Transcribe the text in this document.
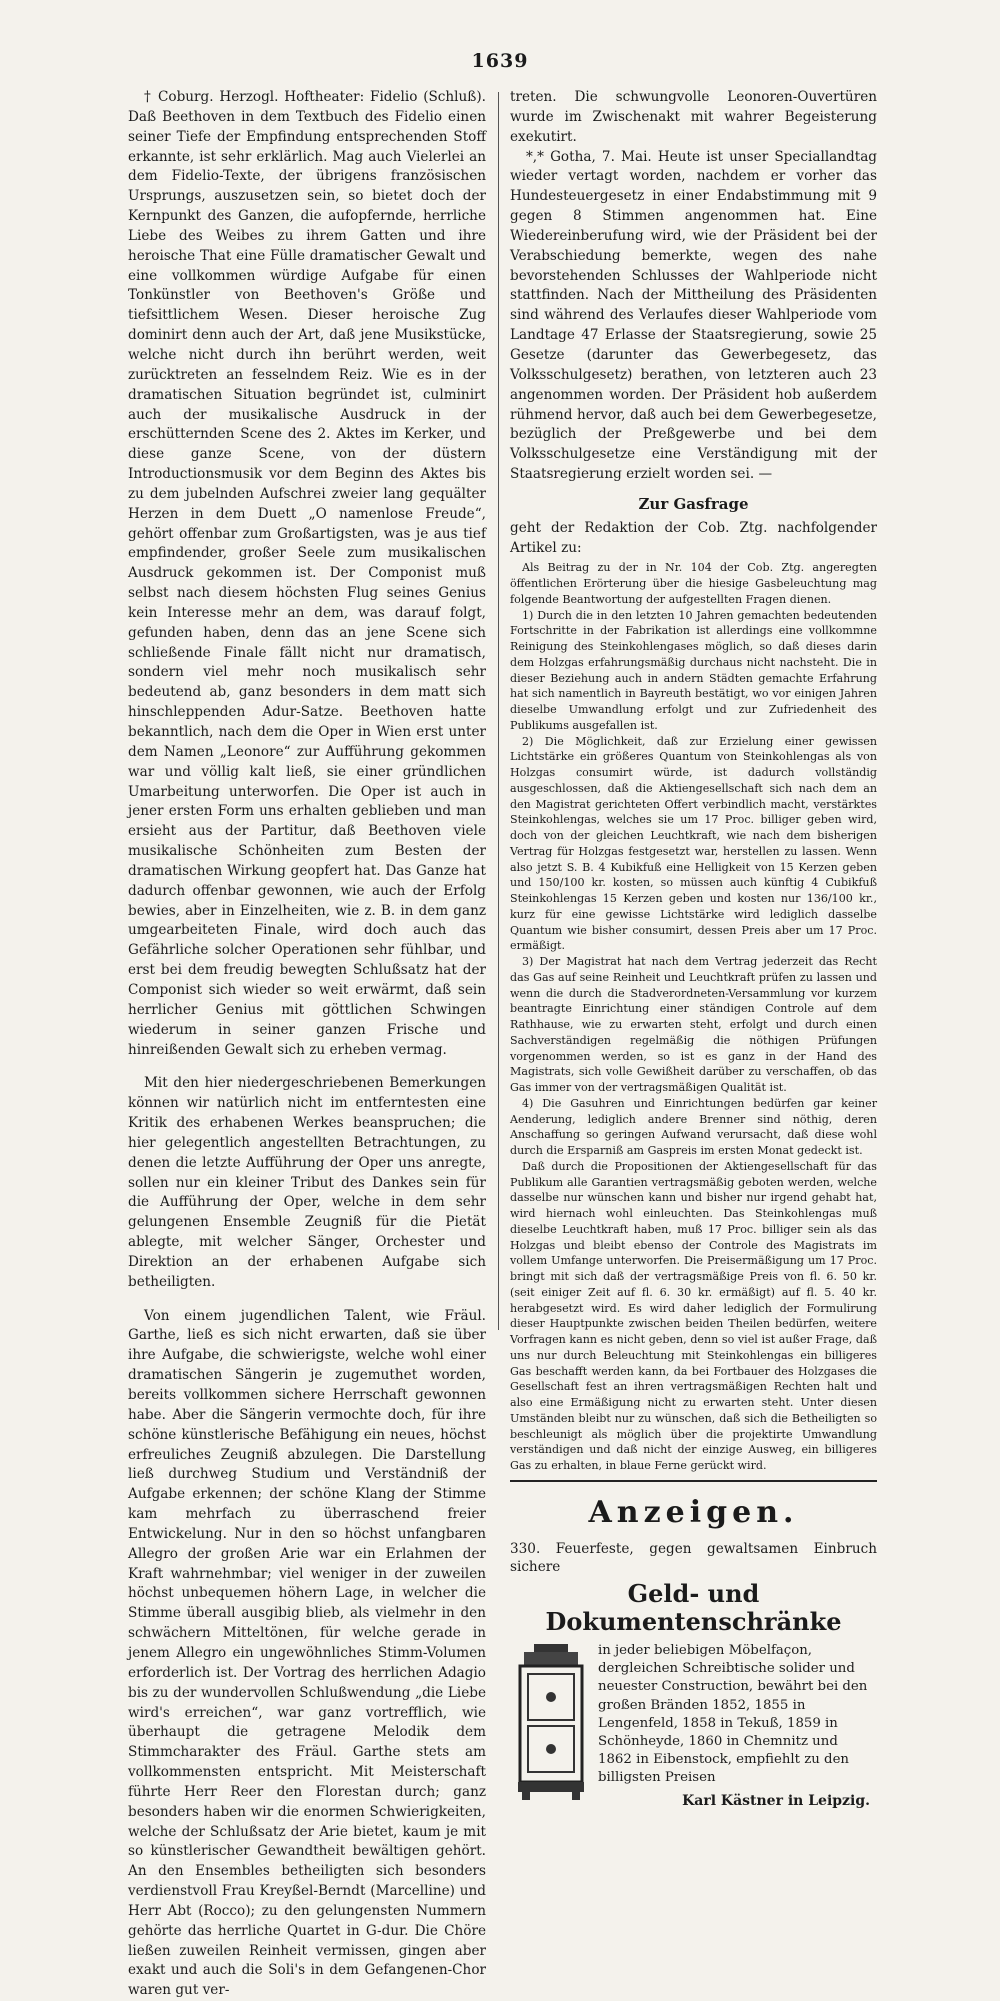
1639

† Coburg. Herzogl. Hoftheater: Fidelio (Schluß). Daß Beethoven in dem Textbuch des Fidelio einen seiner Tiefe der Empfindung entsprechenden Stoff erkannte, ist sehr erklärlich. Mag auch Vielerlei an dem Fidelio-Texte, der übrigens französischen Ursprungs, auszusetzen sein, so bietet doch der Kernpunkt des Ganzen, die aufopfernde, herrliche Liebe des Weibes zu ihrem Gatten und ihre heroische That eine Fülle dramatischer Gewalt und eine vollkommen würdige Aufgabe für einen Tonkünstler von Beethoven's Größe und tiefsittlichem Wesen. Dieser heroische Zug dominirt denn auch der Art, daß jene Musikstücke, welche nicht durch ihn berührt werden, weit zurücktreten an fesselndem Reiz. Wie es in der dramatischen Situation begründet ist, culminirt auch der musikalische Ausdruck in der erschütternden Scene des 2. Aktes im Kerker, und diese ganze Scene, von der düstern Introductionsmusik vor dem Beginn des Aktes bis zu dem jubelnden Aufschrei zweier lang gequälter Herzen in dem Duett „O namenlose Freude“, gehört offenbar zum Großartigsten, was je aus tief empfindender, großer Seele zum musikalischen Ausdruck gekommen ist. Der Componist muß selbst nach diesem höchsten Flug seines Genius kein Interesse mehr an dem, was darauf folgt, gefunden haben, denn das an jene Scene sich schließende Finale fällt nicht nur dramatisch, sondern viel mehr noch musikalisch sehr bedeutend ab, ganz besonders in dem matt sich hinschleppenden Adur-Satze. Beethoven hatte bekanntlich, nach dem die Oper in Wien erst unter dem Namen „Leonore“ zur Aufführung gekommen war und völlig kalt ließ, sie einer gründlichen Umarbeitung unterworfen. Die Oper ist auch in jener ersten Form uns erhalten geblieben und man ersieht aus der Partitur, daß Beethoven viele musikalische Schönheiten zum Besten der dramatischen Wirkung geopfert hat. Das Ganze hat dadurch offenbar gewonnen, wie auch der Erfolg bewies, aber in Einzelheiten, wie z. B. in dem ganz umgearbeiteten Finale, wird doch auch das Gefährliche solcher Operationen sehr fühlbar, und erst bei dem freudig bewegten Schlußsatz hat der Componist sich wieder so weit erwärmt, daß sein herrlicher Genius mit göttlichen Schwingen wiederum in seiner ganzen Frische und hinreißenden Gewalt sich zu erheben vermag.

Mit den hier niedergeschriebenen Bemerkungen können wir natürlich nicht im entferntesten eine Kritik des erhabenen Werkes beanspruchen; die hier gelegentlich angestellten Betrachtungen, zu denen die letzte Aufführung der Oper uns anregte, sollen nur ein kleiner Tribut des Dankes sein für die Aufführung der Oper, welche in dem sehr gelungenen Ensemble Zeugniß für die Pietät ablegte, mit welcher Sänger, Orchester und Direktion an der erhabenen Aufgabe sich betheiligten.

Von einem jugendlichen Talent, wie Fräul. Garthe, ließ es sich nicht erwarten, daß sie über ihre Aufgabe, die schwierigste, welche wohl einer dramatischen Sängerin je zugemuthet worden, bereits vollkommen sichere Herrschaft gewonnen habe. Aber die Sängerin vermochte doch, für ihre schöne künstlerische Befähigung ein neues, höchst erfreuliches Zeugniß abzulegen. Die Darstellung ließ durchweg Studium und Verständniß der Aufgabe erkennen; der schöne Klang der Stimme kam mehrfach zu überraschend freier Entwickelung. Nur in den so höchst unfangbaren Allegro der großen Arie war ein Erlahmen der Kraft wahrnehmbar; viel weniger in der zuweilen höchst unbequemen höhern Lage, in welcher die Stimme überall ausgibig blieb, als vielmehr in den schwächern Mitteltönen, für welche gerade in jenem Allegro ein ungewöhnliches Stimm-Volumen erforderlich ist. Der Vortrag des herrlichen Adagio bis zu der wundervollen Schlußwendung „die Liebe wird's erreichen“, war ganz vortrefflich, wie überhaupt die getragene Melodik dem Stimmcharakter des Fräul. Garthe stets am vollkommensten entspricht. Mit Meisterschaft führte Herr Reer den Florestan durch; ganz besonders haben wir die enormen Schwierigkeiten, welche der Schlußsatz der Arie bietet, kaum je mit so künstlerischer Gewandtheit bewältigen gehört. An den Ensembles betheiligten sich besonders verdienstvoll Frau Kreyßel-Berndt (Marcelline) und Herr Abt (Rocco); zu den gelungensten Nummern gehörte das herrliche Quartet in G-dur. Die Chöre ließen zuweilen Reinheit vermissen, gingen aber exakt und auch die Soli's in dem Gefangenen-Chor waren gut ver-

treten. Die schwungvolle Leonoren-Ouvertüren wurde im Zwischenakt mit wahrer Begeisterung exekutirt.

*,* Gotha, 7. Mai. Heute ist unser Speciallandtag wieder vertagt worden, nachdem er vorher das Hundesteuergesetz in einer Endabstimmung mit 9 gegen 8 Stimmen angenommen hat. Eine Wiedereinberufung wird, wie der Präsident bei der Verabschiedung bemerkte, wegen des nahe bevorstehenden Schlusses der Wahlperiode nicht stattfinden. Nach der Mittheilung des Präsidenten sind während des Verlaufes dieser Wahlperiode vom Landtage 47 Erlasse der Staatsregierung, sowie 25 Gesetze (darunter das Gewerbegesetz, das Volksschulgesetz) berathen, von letzteren auch 23 angenommen worden. Der Präsident hob außerdem rühmend hervor, daß auch bei dem Gewerbegesetze, bezüglich der Preßgewerbe und bei dem Volksschulgesetze eine Verständigung mit der Staatsregierung erzielt worden sei. —

Zur Gasfrage

geht der Redaktion der Cob. Ztg. nachfolgender Artikel zu:

Als Beitrag zu der in Nr. 104 der Cob. Ztg. angeregten öffentlichen Erörterung über die hiesige Gasbeleuchtung mag folgende Beantwortung der aufgestellten Fragen dienen.

1) Durch die in den letzten 10 Jahren gemachten bedeutenden Fortschritte in der Fabrikation ist allerdings eine vollkommne Reinigung des Steinkohlengases möglich, so daß dieses darin dem Holzgas erfahrungsmäßig durchaus nicht nachsteht. Die in dieser Beziehung auch in andern Städten gemachte Erfahrung hat sich namentlich in Bayreuth bestätigt, wo vor einigen Jahren dieselbe Umwandlung erfolgt und zur Zufriedenheit des Publikums ausgefallen ist.

2) Die Möglichkeit, daß zur Erzielung einer gewissen Lichtstärke ein größeres Quantum von Steinkohlengas als von Holzgas consumirt würde, ist dadurch vollständig ausgeschlossen, daß die Aktiengesellschaft sich nach dem an den Magistrat gerichteten Offert verbindlich macht, verstärktes Steinkohlengas, welches sie um 17 Proc. billiger geben wird, doch von der gleichen Leuchtkraft, wie nach dem bisherigen Vertrag für Holzgas festgesetzt war, herstellen zu lassen. Wenn also jetzt S. B. 4 Kubikfuß eine Helligkeit von 15 Kerzen geben und 150/100 kr. kosten, so müssen auch künftig 4 Cubikfuß Steinkohlengas 15 Kerzen geben und kosten nur 136/100 kr., kurz für eine gewisse Lichtstärke wird lediglich dasselbe Quantum wie bisher consumirt, dessen Preis aber um 17 Proc. ermäßigt.

3) Der Magistrat hat nach dem Vertrag jederzeit das Recht das Gas auf seine Reinheit und Leuchtkraft prüfen zu lassen und wenn die durch die Stadverordneten-Versammlung vor kurzem beantragte Einrichtung einer ständigen Controle auf dem Rathhause, wie zu erwarten steht, erfolgt und durch einen Sachverständigen regelmäßig die nöthigen Prüfungen vorgenommen werden, so ist es ganz in der Hand des Magistrats, sich volle Gewißheit darüber zu verschaffen, ob das Gas immer von der vertragsmäßigen Qualität ist.

4) Die Gasuhren und Einrichtungen bedürfen gar keiner Aenderung, lediglich andere Brenner sind nöthig, deren Anschaffung so geringen Aufwand verursacht, daß diese wohl durch die Ersparniß am Gaspreis im ersten Monat gedeckt ist.

Daß durch die Propositionen der Aktiengesellschaft für das Publikum alle Garantien vertragsmäßig geboten werden, welche dasselbe nur wünschen kann und bisher nur irgend gehabt hat, wird hiernach wohl einleuchten. Das Steinkohlengas muß dieselbe Leuchtkraft haben, muß 17 Proc. billiger sein als das Holzgas und bleibt ebenso der Controle des Magistrats im vollem Umfange unterworfen. Die Preisermäßigung um 17 Proc. bringt mit sich daß der vertragsmäßige Preis von fl. 6. 50 kr. (seit einiger Zeit auf fl. 6. 30 kr. ermäßigt) auf fl. 5. 40 kr. herabgesetzt wird. Es wird daher lediglich der Formulirung dieser Hauptpunkte zwischen beiden Theilen bedürfen, weitere Vorfragen kann es nicht geben, denn so viel ist außer Frage, daß uns nur durch Beleuchtung mit Steinkohlengas ein billigeres Gas beschafft werden kann, da bei Fortbauer des Holzgases die Gesellschaft fest an ihren vertragsmäßigen Rechten halt und also eine Ermäßigung nicht zu erwarten steht. Unter diesen Umständen bleibt nur zu wünschen, daß sich die Betheiligten so beschleunigt als möglich über die projektirte Umwandlung verständigen und daß nicht der einzige Ausweg, ein billigeres Gas zu erhalten, in blaue Ferne gerückt wird.

Anzeigen.
330. Feuerfeste, gegen gewaltsamen Einbruch sichere
Geld- und Dokumentenschränke
in jeder beliebigen Möbelfaçon, dergleichen Schreibtische solider und neuester Construction, bewährt bei den großen Bränden 1852, 1855 in Lengenfeld, 1858 in Tekuß, 1859 in Schönheyde, 1860 in Chemnitz und 1862 in Eibenstock, empfiehlt zu den billigsten Preisen
Karl Kästner in Leipzig.
